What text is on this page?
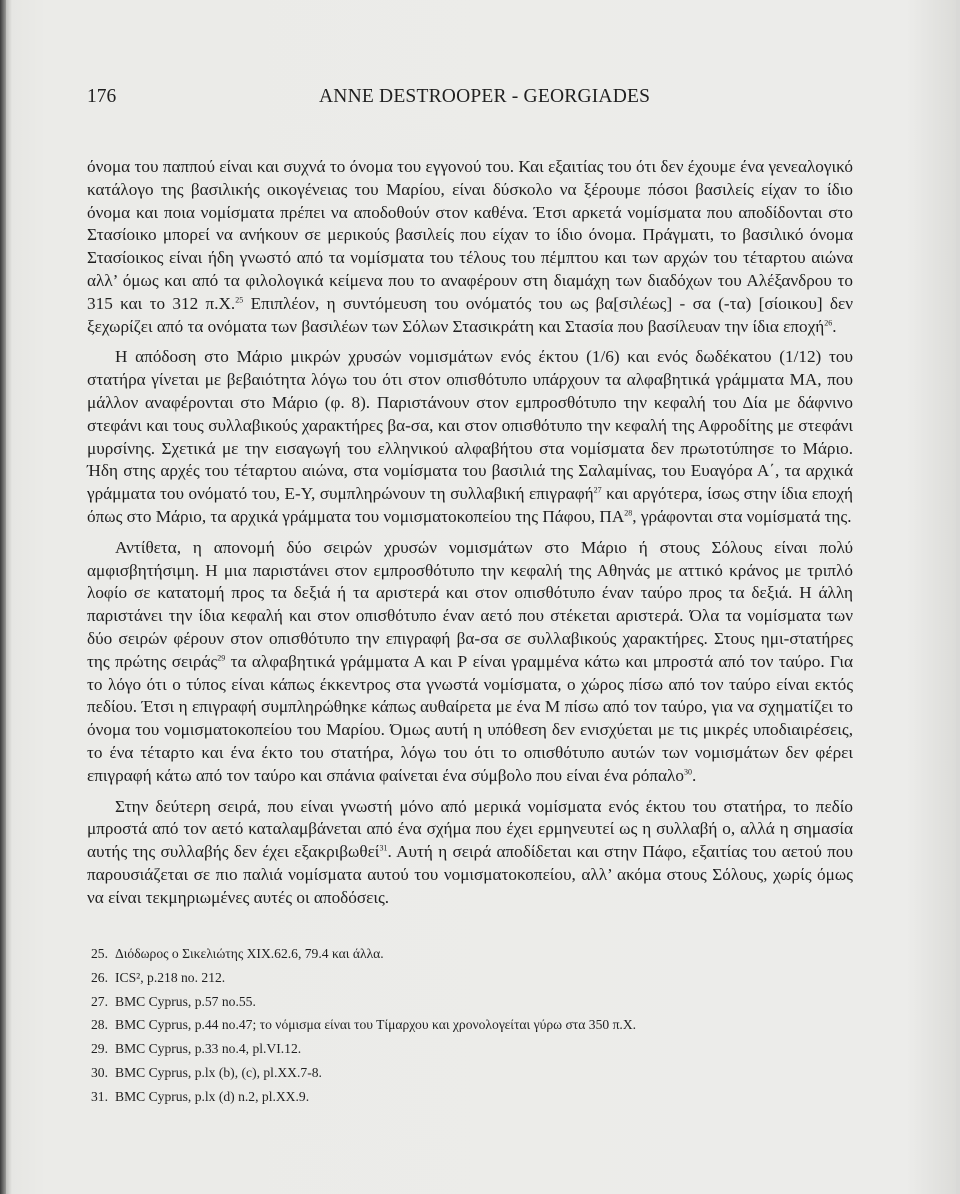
176	ANNE DESTROOPER - GEORGIADES

όνομα του παππού είναι και συχνά το όνομα του εγγονού του. Και εξαιτίας του ότι δεν έχουμε ένα γενεαλογικό κατάλογο της βασιλικής οικογένειας του Μαρίου, είναι δύσκολο να ξέρουμε πόσοι βασιλείς είχαν το ίδιο όνομα και ποια νομίσματα πρέπει να αποδοθούν στον καθένα. Έτσι αρκετά νομίσματα που αποδίδονται στο Στασίοικο μπορεί να ανήκουν σε μερικούς βασιλείς που είχαν το ίδιο όνομα. Πράγματι, το βασιλικό όνομα Στασίοικος είναι ήδη γνωστό από τα νομίσματα του τέλους του πέμπτου και των αρχών του τέταρτου αιώνα αλλ’ όμως και από τα φιλολογικά κείμενα που το αναφέρουν στη διαμάχη των διαδόχων του Αλέξανδρου το 315 και το 312 π.Χ.$^{25}$ Επιπλέον, η συντόμευση του ονόματός του ως βα[σιλέως] - σα (-τα) [σίοικου] δεν ξεχωρίζει από τα ονόματα των βασιλέων των Σόλων Στασικράτη και Στασία που βασίλευαν την ίδια εποχή$^{26}$.

Η απόδοση στο Μάριο μικρών χρυσών νομισμάτων ενός έκτου (1/6) και ενός δωδέκατου (1/12) του στατήρα γίνεται με βεβαιότητα λόγω του ότι στον οπισθότυπο υπάρχουν τα αλφαβητικά γράμματα ΜΑ, που μάλλον αναφέρονται στο Μάριο (φ. 8). Παριστάνουν στον εμπροσθότυπο την κεφαλή του Δία με δάφνινο στεφάνι και τους συλλαβικούς χαρακτήρες βα-σα, και στον οπισθότυπο την κεφαλή της Αφροδίτης με στεφάνι μυρσίνης. Σχετικά με την εισαγωγή του ελληνικού αλφαβήτου στα νομίσματα δεν πρωτοτύπησε το Μάριο. Ήδη στης αρχές του τέταρτου αιώνα, στα νομίσματα του βασιλιά της Σαλαμίνας, του Ευαγόρα Α΄, τα αρχικά γράμματα του ονόματό του, Ε-Υ, συμπληρώνουν τη συλλαβική επιγραφή$^{27}$ και αργότερα, ίσως στην ίδια εποχή όπως στο Μάριο, τα αρχικά γράμματα του νομισματοκοπείου της Πάφου, ΠΑ$^{28}$, γράφονται στα νομίσματά της.

Αντίθετα, η απονομή δύο σειρών χρυσών νομισμάτων στο Μάριο ή στους Σόλους είναι πολύ αμφισβητήσιμη. Η μια παριστάνει στον εμπροσθότυπο την κεφαλή της Αθηνάς με αττικό κράνος με τριπλό λοφίο σε κατατομή προς τα δεξιά ή τα αριστερά και στον οπισθότυπο έναν ταύρο προς τα δεξιά. Η άλλη παριστάνει την ίδια κεφαλή και στον οπισθότυπο έναν αετό που στέκεται αριστερά. Όλα τα νομίσματα των δύο σειρών φέρουν στον οπισθότυπο την επιγραφή βα-σα σε συλλαβικούς χαρακτήρες. Στους ημι-στατήρες της πρώτης σειράς$^{29}$ τα αλφαβητικά γράμματα Α και Ρ είναι γραμμένα κάτω και μπροστά από τον ταύρο. Για το λόγο ότι ο τύπος είναι κάπως έκκεντρος στα γνωστά νομίσματα, ο χώρος πίσω από τον ταύρο είναι εκτός πεδίου. Έτσι η επιγραφή συμπληρώθηκε κάπως αυθαίρετα με ένα Μ πίσω από τον ταύρο, για να σχηματίζει το όνομα του νομισματοκοπείου του Μαρίου. Όμως αυτή η υπόθεση δεν ενισχύεται με τις μικρές υποδιαιρέσεις, το ένα τέταρτο και ένα έκτο του στατήρα, λόγω του ότι το οπισθότυπο αυτών των νομισμάτων δεν φέρει επιγραφή κάτω από τον ταύρο και σπάνια φαίνεται ένα σύμβολο που είναι ένα ρόπαλο$^{30}$.

Στην δεύτερη σειρά, που είναι γνωστή μόνο από μερικά νομίσματα ενός έκτου του στατήρα, το πεδίο μπροστά από τον αετό καταλαμβάνεται από ένα σχήμα που έχει ερμηνευτεί ως η συλλαβή ο, αλλά η σημασία αυτής της συλλαβής δεν έχει εξακριβωθεί$^{31}$. Αυτή η σειρά αποδίδεται και στην Πάφο, εξαιτίας του αετού που παρουσιάζεται σε πιο παλιά νομίσματα αυτού του νομισματοκοπείου, αλλ’ ακόμα στους Σόλους, χωρίς όμως να είναι τεκμηριωμένες αυτές οι αποδόσεις.

25. Διόδωρος ο Σικελιώτης XIX.62.6, 79.4 και άλλα.
26. ICS², p.218 no. 212.
27. BMC Cyprus, p.57 no.55.
28. BMC Cyprus, p.44 no.47; το νόμισμα είναι του Τίμαρχου και χρονολογείται γύρω στα 350 π.Χ.
29. BMC Cyprus, p.33 no.4, pl.VI.12.
30. BMC Cyprus, p.lx (b), (c), pl.XX.7-8.
31. BMC Cyprus, p.lx (d) n.2, pl.XX.9.
